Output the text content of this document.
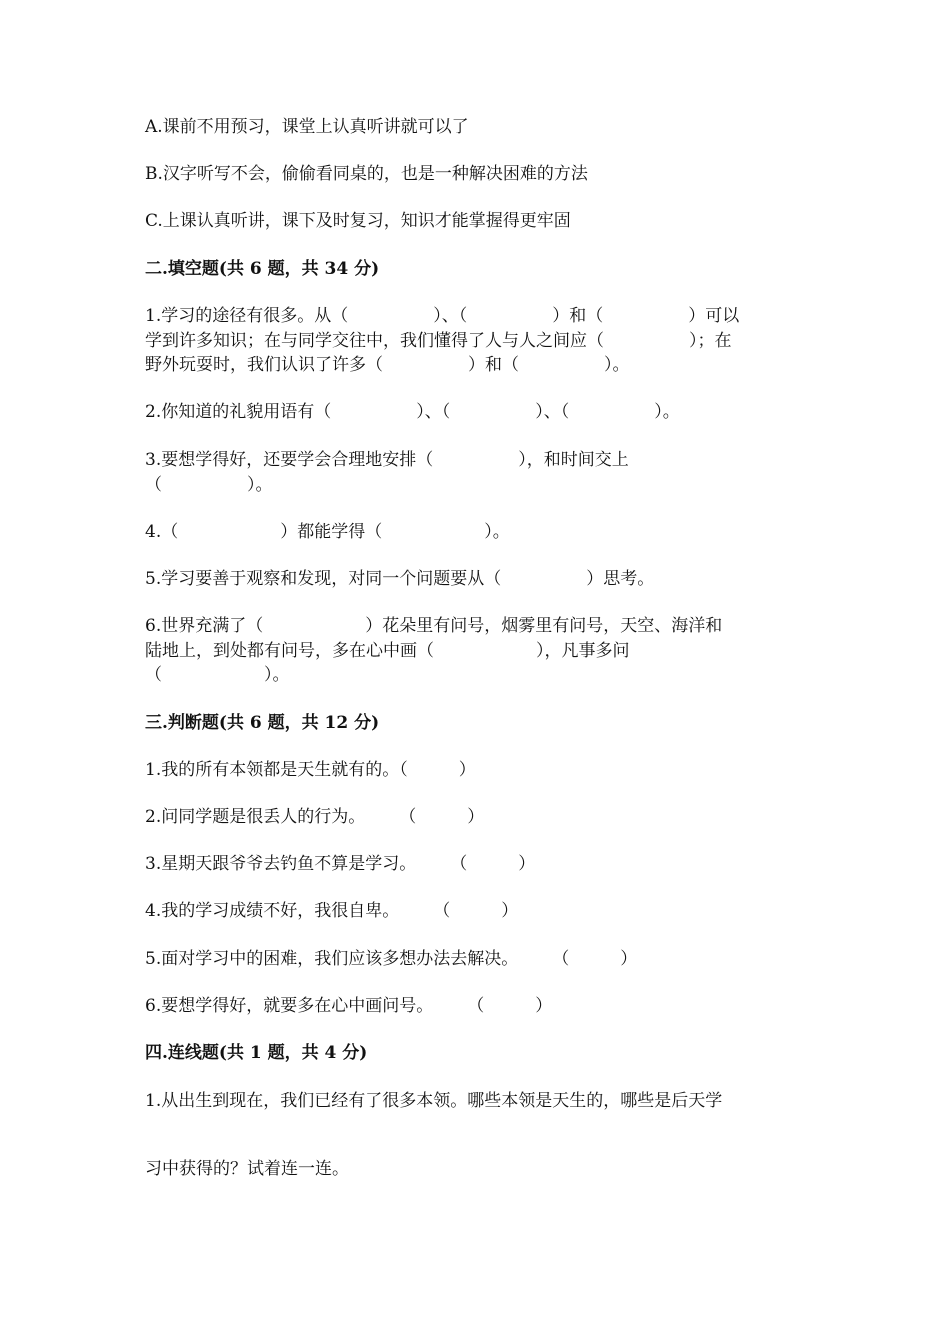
A.课前不用预习，课堂上认真听讲就可以了
B.汉字听写不会，偷偷看同桌的，也是一种解决困难的方法
C.上课认真听讲，课下及时复习，知识才能掌握得更牢固
二.填空题(共 6 题，共 34 分)
1.学习的途径有很多。从（　　　　　）、（　　　　　）和（　　　　　）可以
学到许多知识；在与同学交往中，我们懂得了人与人之间应（　　　　　）；在
野外玩耍时，我们认识了许多（　　　　　）和（　　　　　）。
2.你知道的礼貌用语有（　　　　　）、（　　　　　）、（　　　　　）。
3.要想学得好，还要学会合理地安排（　　　　　），和时间交上
（　　　　　）。
4.（　　　　　　）都能学得（　　　　　　）。
5.学习要善于观察和发现，对同一个问题要从（　　　　　）思考。
6.世界充满了（　　　　　　）花朵里有问号，烟雾里有问号，天空、海洋和
陆地上，到处都有问号，多在心中画（　　　　　　），凡事多问
（　　　　　　）。
三.判断题(共 6 题，共 12 分)
1.我的所有本领都是天生就有的。（　　　）
2.问同学题是很丢人的行为。　　　（　　　）
3.星期天跟爷爷去钓鱼不算是学习。　　　（　　　）
4.我的学习成绩不好，我很自卑。　　　（　　　）
5.面对学习中的困难，我们应该多想办法去解决。　　　（　　　）
6.要想学得好，就要多在心中画问号。　　　（　　　）
四.连线题(共 1 题，共 4 分)
1.从出生到现在，我们已经有了很多本领。哪些本领是天生的，哪些是后天学
习中获得的？试着连一连。
